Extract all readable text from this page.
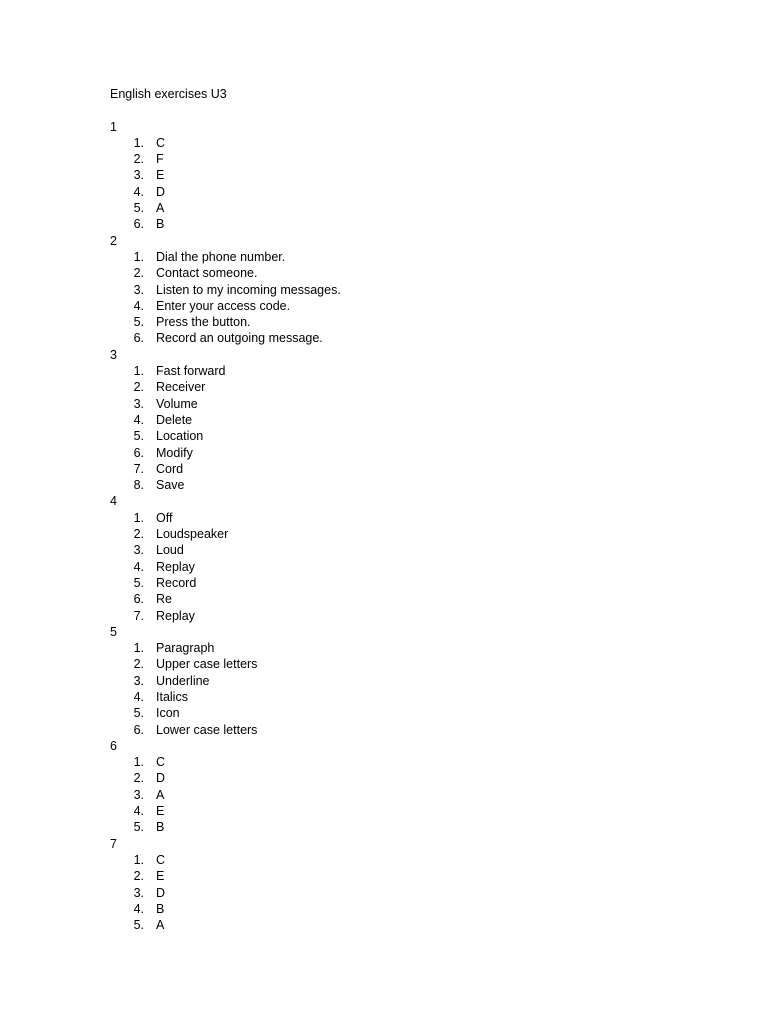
English exercises U3
1
1. C
2. F
3. E
4. D
5. A
6. B
2
1. Dial the phone number.
2. Contact someone.
3. Listen to my incoming messages.
4. Enter your access code.
5. Press the button.
6. Record an outgoing message.
3
1. Fast forward
2. Receiver
3. Volume
4. Delete
5. Location
6. Modify
7. Cord
8. Save
4
1. Off
2. Loudspeaker
3. Loud
4. Replay
5. Record
6. Re
7. Replay
5
1. Paragraph
2. Upper case letters
3. Underline
4. Italics
5. Icon
6. Lower case letters
6
1. C
2. D
3. A
4. E
5. B
7
1. C
2. E
3. D
4. B
5. A
